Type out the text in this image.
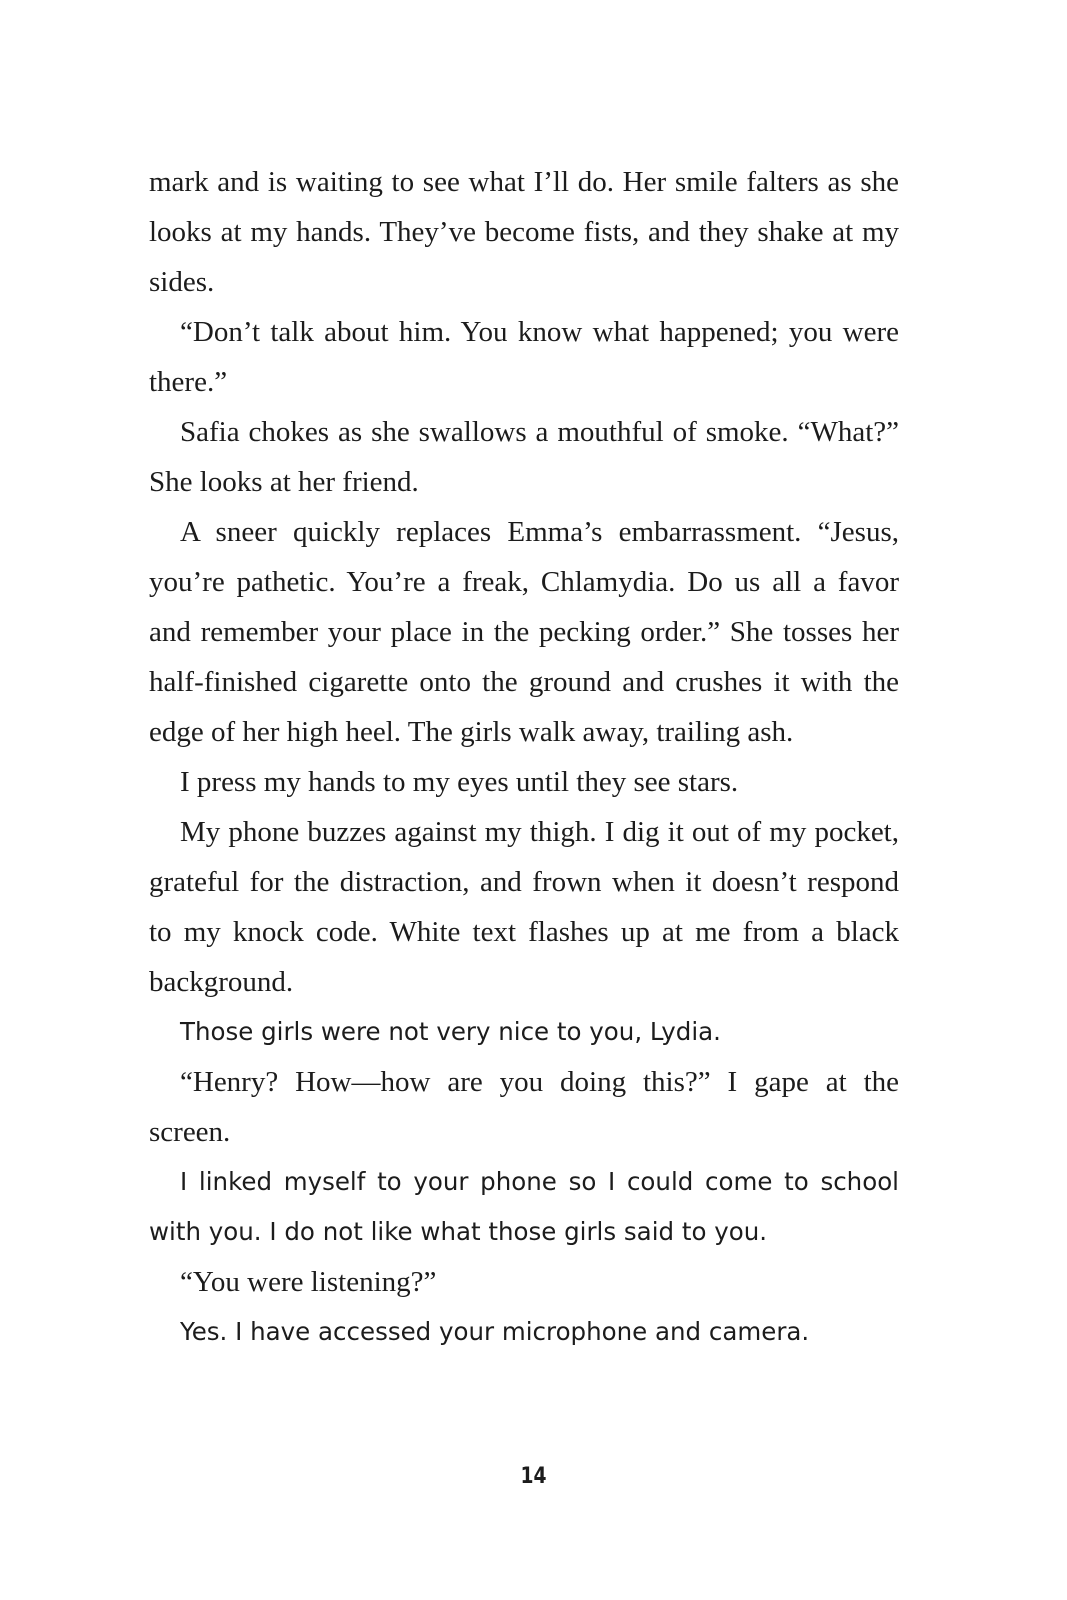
mark and is waiting to see what I’ll do. Her smile falters as she looks at my hands. They’ve become fists, and they shake at my sides.

“Don’t talk about him. You know what happened; you were there.”

Safia chokes as she swallows a mouthful of smoke. “What?” She looks at her friend.

A sneer quickly replaces Emma’s embarrassment. “Jesus, you’re pathetic. You’re a freak, Chlamydia. Do us all a favor and remember your place in the pecking order.” She tosses her half-finished cigarette onto the ground and crushes it with the edge of her high heel. The girls walk away, trailing ash.

I press my hands to my eyes until they see stars.

My phone buzzes against my thigh. I dig it out of my pocket, grateful for the distraction, and frown when it doesn’t respond to my knock code. White text flashes up at me from a black background.

Those girls were not very nice to you, Lydia.

“Henry? How—how are you doing this?” I gape at the screen.

I linked myself to your phone so I could come to school with you. I do not like what those girls said to you.

“You were listening?”

Yes. I have accessed your microphone and camera.

14
